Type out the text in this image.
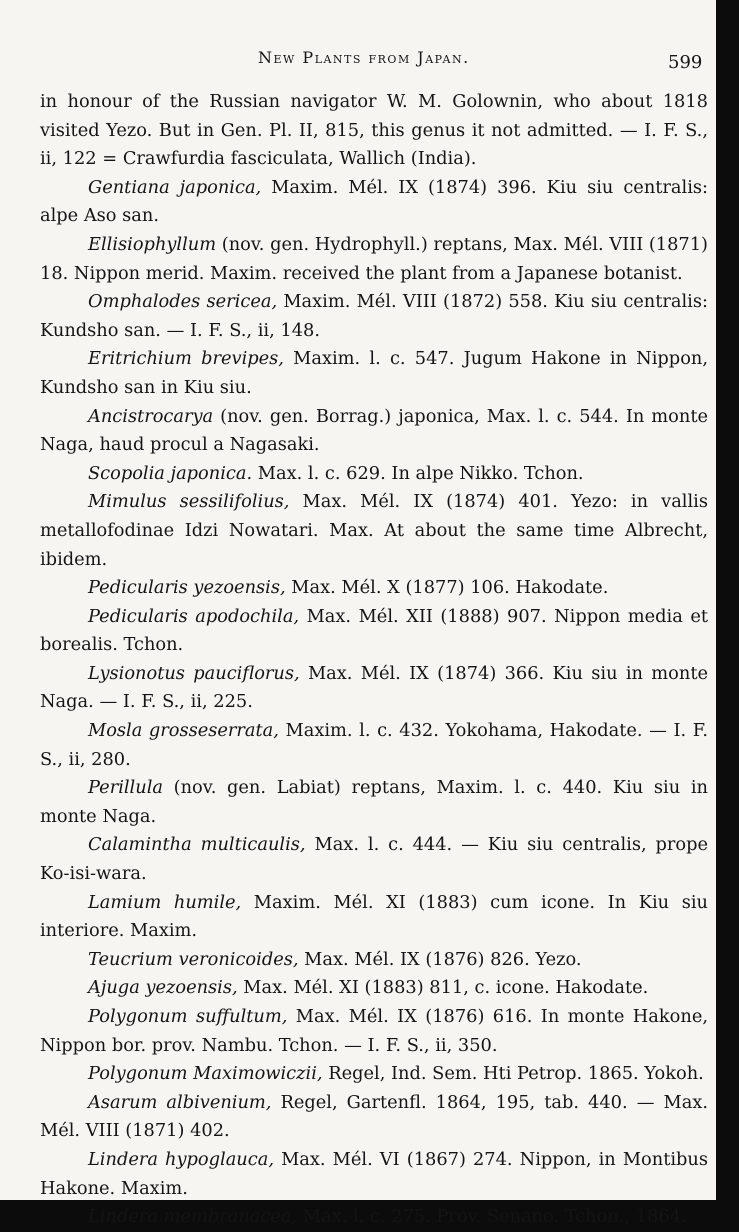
New Plants from Japan.	599

in honour of the Russian navigator W. M. Golownin, who about 1818 visited Yezo. But in Gen. Pl. II, 815, this genus it not admitted. — I. F. S., ii, 122 = Crawfurdia fasciculata, Wallich (India).

Gentiana japonica, Maxim. Mél. IX (1874) 396. Kiu siu centralis: alpe Aso san.

Ellisiophyllum (nov. gen. Hydrophyll.) reptans, Max. Mél. VIII (1871) 18. Nippon merid. Maxim. received the plant from a Japanese botanist.

Omphalodes sericea, Maxim. Mél. VIII (1872) 558. Kiu siu centralis: Kundsho san. — I. F. S., ii, 148.

Eritrichium brevipes, Maxim. l. c. 547. Jugum Hakone in Nippon, Kundsho san in Kiu siu.

Ancistrocarya (nov. gen. Borrag.) japonica, Max. l. c. 544. In monte Naga, haud procul a Nagasaki.

Scopolia japonica. Max. l. c. 629. In alpe Nikko. Tchon.

Mimulus sessilifolius, Max. Mél. IX (1874) 401. Yezo: in vallis metallofodinae Idzi Nowatari. Max. At about the same time Albrecht, ibidem.

Pedicularis yezoensis, Max. Mél. X (1877) 106. Hakodate.

Pedicularis apodochila, Max. Mél. XII (1888) 907. Nippon media et borealis. Tchon.

Lysionotus pauciflorus, Max. Mél. IX (1874) 366. Kiu siu in monte Naga. — I. F. S., ii, 225.

Mosla grosseserrata, Maxim. l. c. 432. Yokohama, Hakodate. — I. F. S., ii, 280.

Perillula (nov. gen. Labiat) reptans, Maxim. l. c. 440. Kiu siu in monte Naga.

Calamintha multicaulis, Max. l. c. 444. — Kiu siu centralis, prope Ko-isi-wara.

Lamium humile, Maxim. Mél. XI (1883) cum icone. In Kiu siu interiore. Maxim.

Teucrium veronicoides, Max. Mél. IX (1876) 826. Yezo.

Ajuga yezoensis, Max. Mél. XI (1883) 811, c. icone. Hakodate.

Polygonum suffultum, Max. Mél. IX (1876) 616. In monte Hakone, Nippon bor. prov. Nambu. Tchon. — I. F. S., ii, 350.

Polygonum Maximowiczii, Regel, Ind. Sem. Hti Petrop. 1865. Yokoh.

Asarum albivenium, Regel, Gartenfl. 1864, 195, tab. 440. — Max. Mél. VIII (1871) 402.

Lindera hypoglauca, Max. Mél. VI (1867) 274. Nippon, in Montibus Hakone. Maxim.

Lindera membranacea, Max. l. c. 275. Prov. Senano. Tchon., 1864.
